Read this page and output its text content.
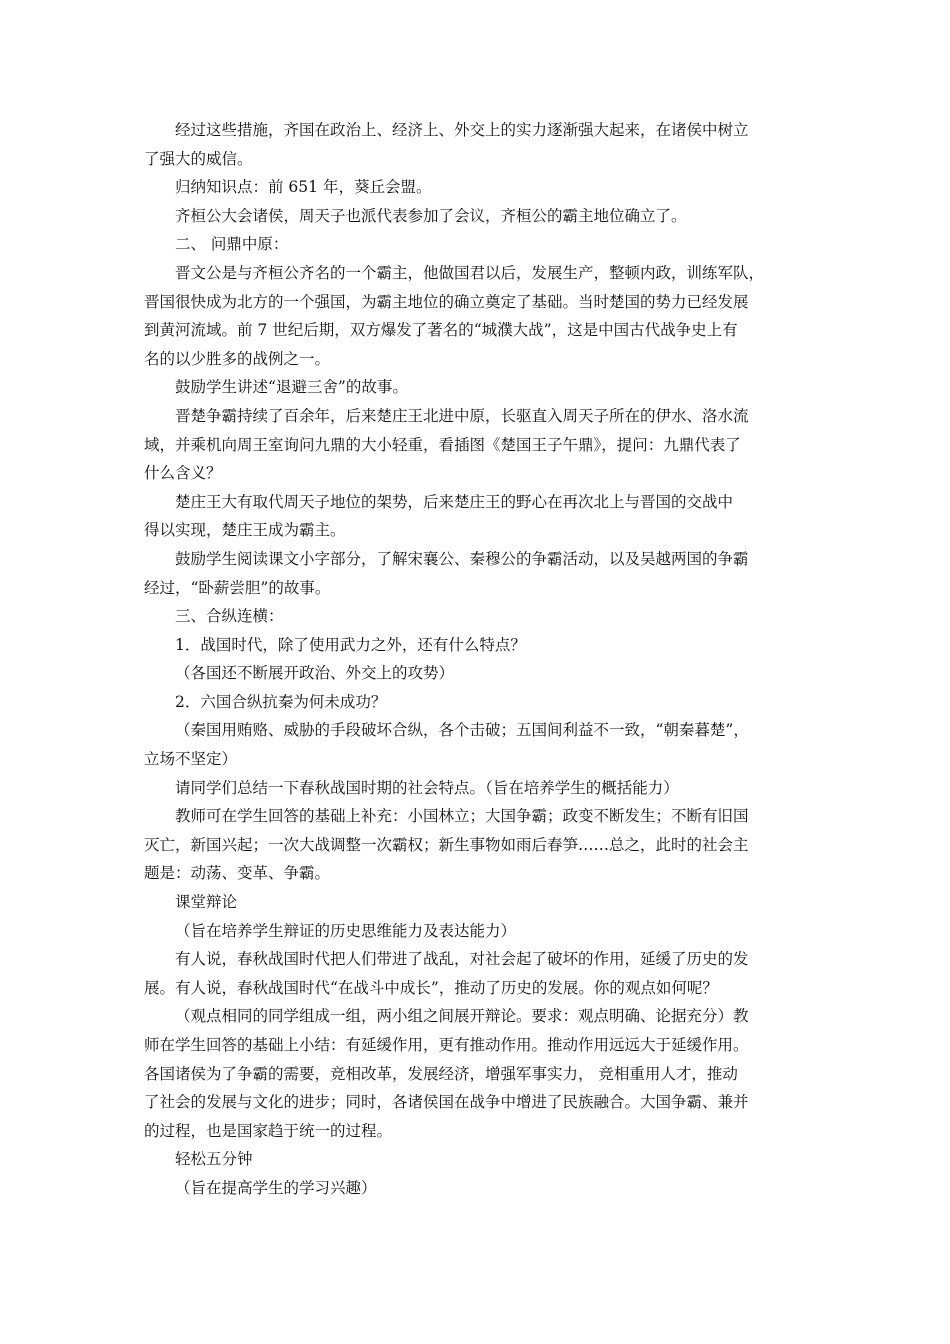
经过这些措施，齐国在政治上、经济上、外交上的实力逐渐强大起来，在诸侯中树立
了强大的威信。
归纳知识点：前 651 年，葵丘会盟。
齐桓公大会诸侯，周天子也派代表参加了会议，齐桓公的霸主地位确立了。
二、 问鼎中原：
晋文公是与齐桓公齐名的一个霸主，他做国君以后，发展生产，整顿内政，训练军队，
晋国很快成为北方的一个强国，为霸主地位的确立奠定了基础。当时楚国的势力已经发展
到黄河流域。前 7 世纪后期，双方爆发了著名的“城濮大战”，这是中国古代战争史上有
名的以少胜多的战例之一。
鼓励学生讲述“退避三舍”的故事。
晋楚争霸持续了百余年，后来楚庄王北进中原，长驱直入周天子所在的伊水、洛水流
域，并乘机向周王室询问九鼎的大小轻重，看插图《楚国王子午鼎》，提问：九鼎代表了
什么含义？
楚庄王大有取代周天子地位的架势，后来楚庄王的野心在再次北上与晋国的交战中
得以实现，楚庄王成为霸主。
鼓励学生阅读课文小字部分，了解宋襄公、秦穆公的争霸活动，以及吴越两国的争霸
经过，“卧薪尝胆”的故事。
三、合纵连横：
1．战国时代，除了使用武力之外，还有什么特点？
（各国还不断展开政治、外交上的攻势）
2．六国合纵抗秦为何未成功？
（秦国用贿赂、威胁的手段破坏合纵，各个击破；五国间利益不一致，“朝秦暮楚”，
立场不坚定）
请同学们总结一下春秋战国时期的社会特点。（旨在培养学生的概括能力）
教师可在学生回答的基础上补充：小国林立；大国争霸；政变不断发生；不断有旧国
灭亡，新国兴起；一次大战调整一次霸权；新生事物如雨后春笋……总之，此时的社会主
题是：动荡、变革、争霸。
课堂辩论
（旨在培养学生辩证的历史思维能力及表达能力）
有人说，春秋战国时代把人们带进了战乱，对社会起了破坏的作用，延缓了历史的发
展。有人说，春秋战国时代“在战斗中成长”，推动了历史的发展。你的观点如何呢？
（观点相同的同学组成一组，两小组之间展开辩论。要求：观点明确、论据充分）教
师在学生回答的基础上小结：有延缓作用，更有推动作用。推动作用远远大于延缓作用。
各国诸侯为了争霸的需要，竞相改革，发展经济，增强军事实力， 竞相重用人才，推动
了社会的发展与文化的进步；同时，各诸侯国在战争中增进了民族融合。大国争霸、兼并
的过程，也是国家趋于统一的过程。
轻松五分钟
（旨在提高学生的学习兴趣）
